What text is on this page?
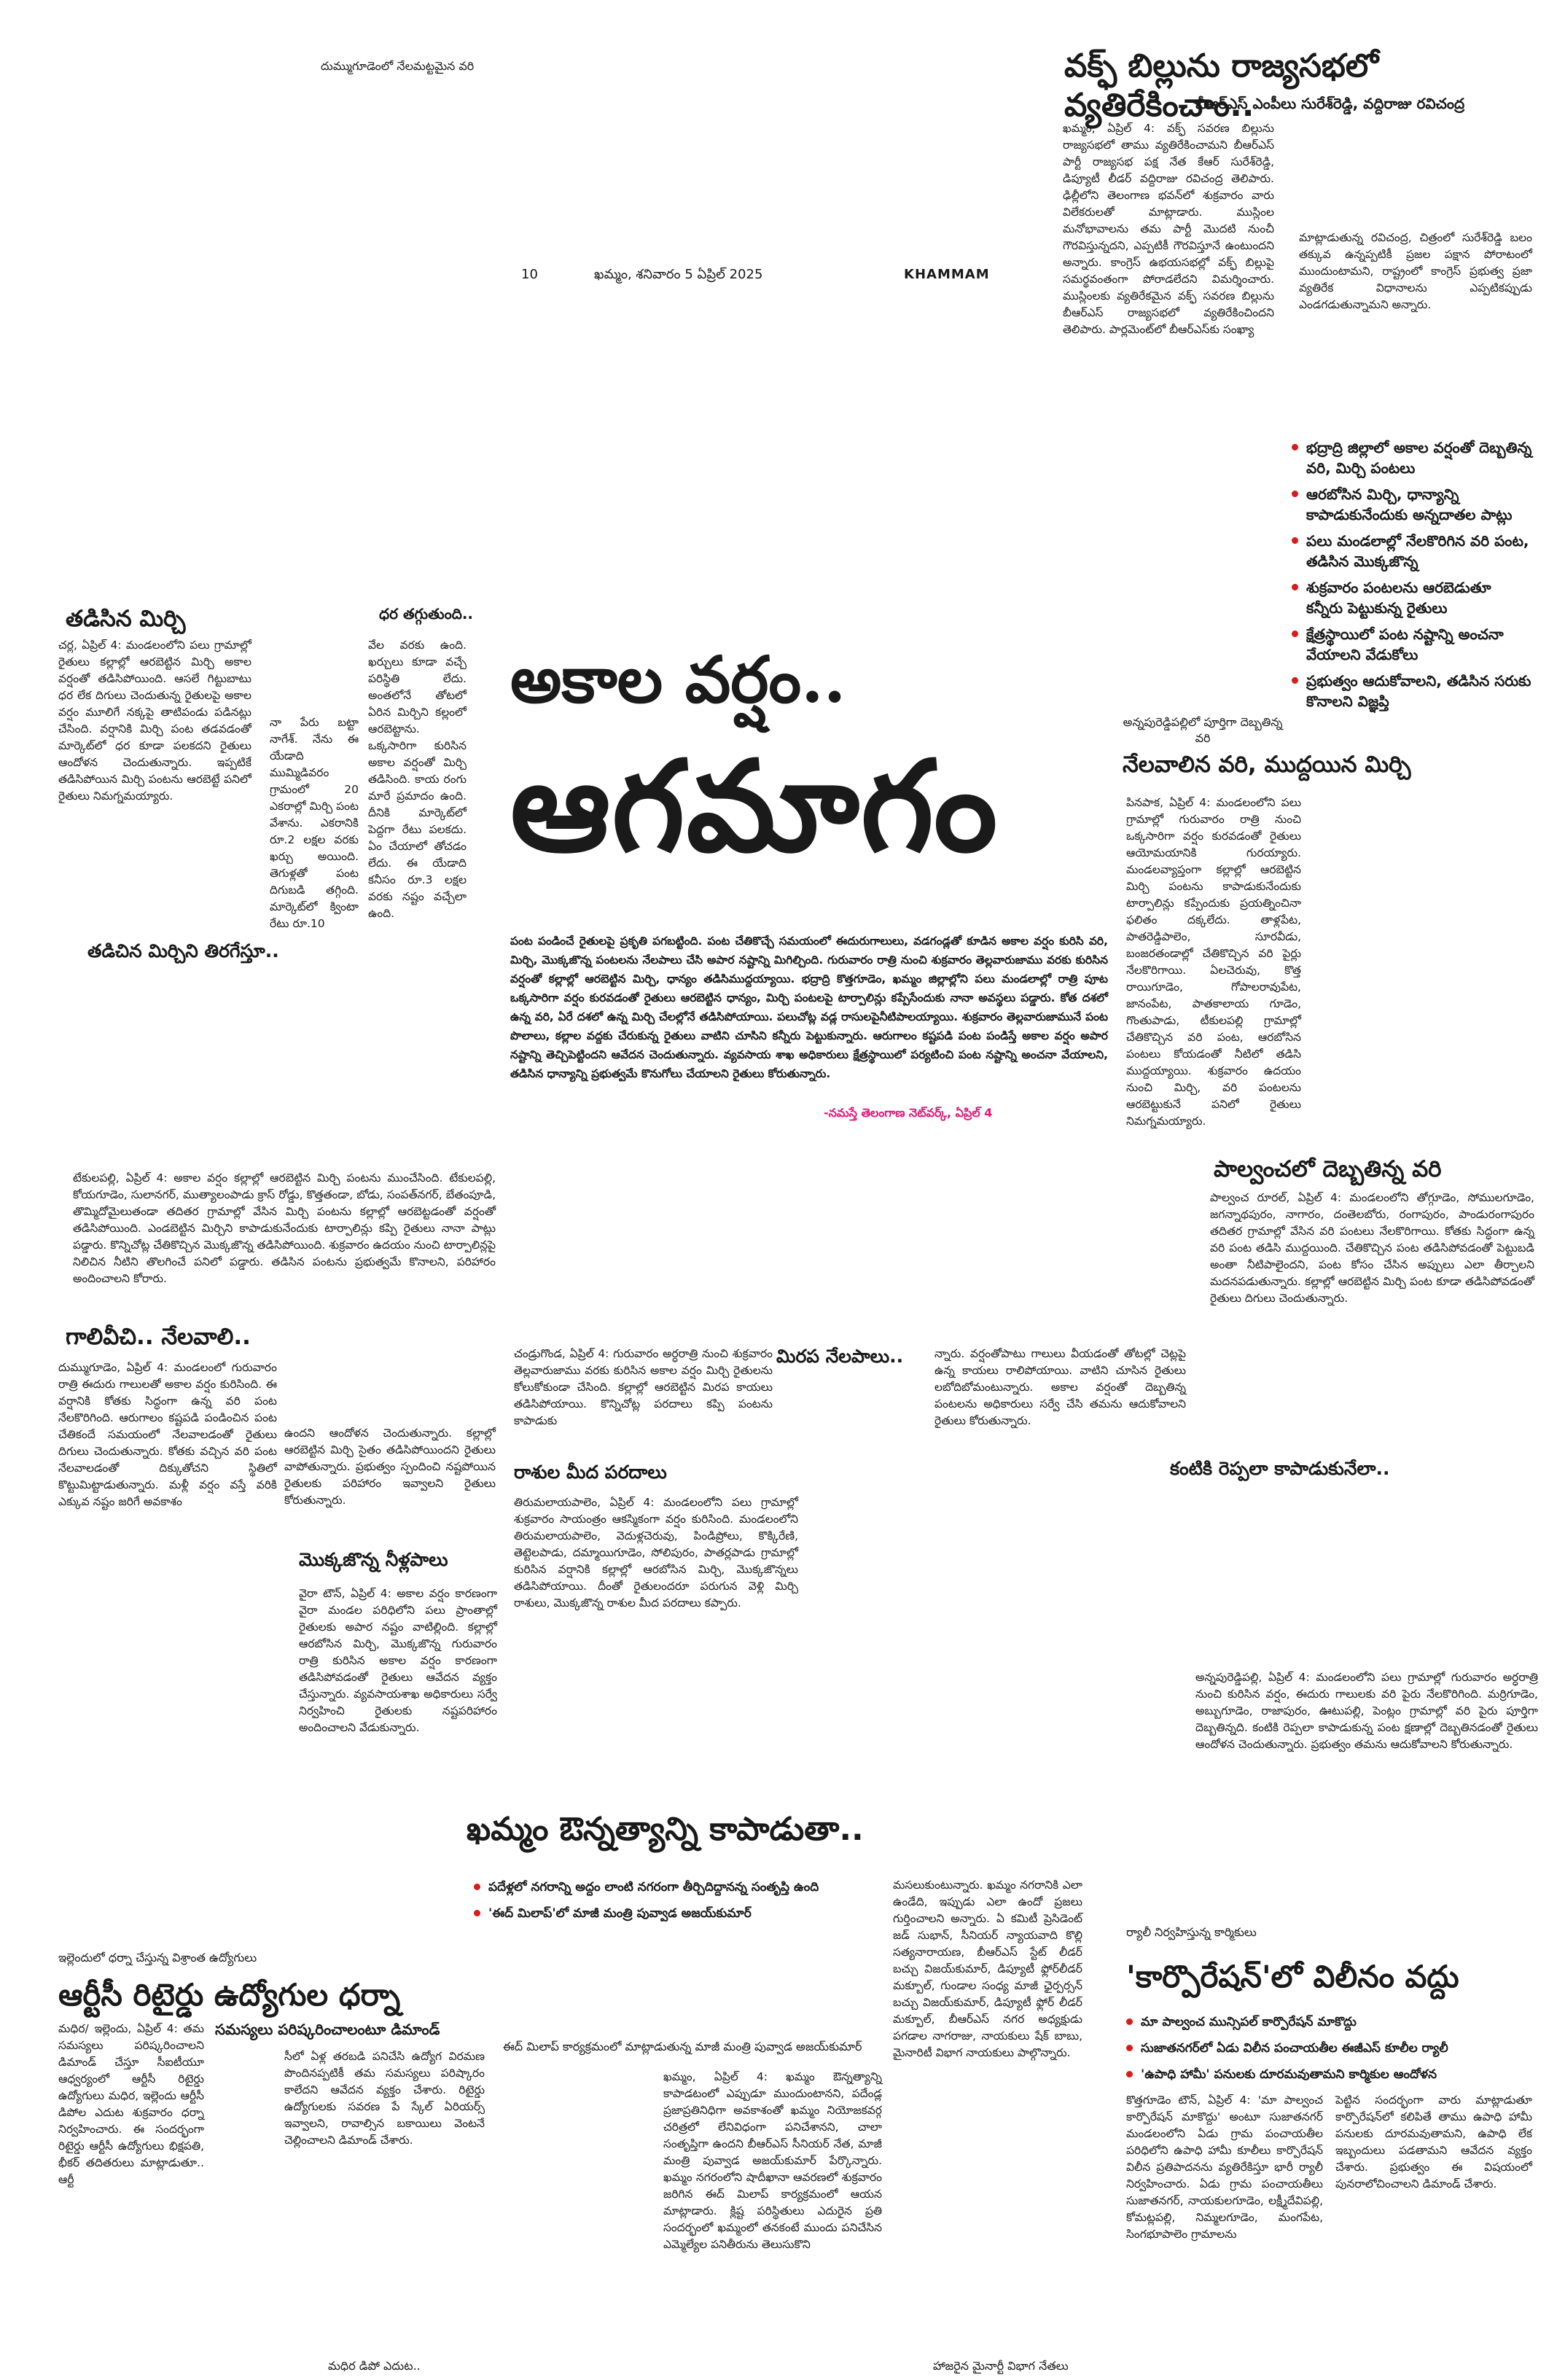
10	ఖమ్మం, శనివారం 5 ఏప్రిల్ 2025	KHAMMAM
దుమ్ముగూడెంలో నేలమట్టమైన వరి	వక్ఫ్ బిల్లును రాజ్యసభలో వ్యతిరేకించాం..
బీఆర్ఎస్ ఎంపీలు సురేశ్‌రెడ్డి, వద్దిరాజు రవిచంద్ర
ఖమ్మం, ఏప్రిల్ 4: వక్ఫ్ సవరణ బిల్లును రాజ్యసభలో తాము వ్యతిరేకించామని బీఆర్ఎస్ పార్టీ రాజ్యసభ పక్ష నేత కేఆర్ సురేశ్‌రెడ్డి, డిప్యూటీ లీడర్ వద్దిరాజు రవిచంద్ర తెలిపారు. ఢిల్లీలోని తెలంగాణ భవన్‌లో శుక్రవారం వారు విలేకరులతో మాట్లాడారు. ముస్లింల మనోభావాలను తమ పార్టీ మొదటి నుంచీ గౌరవిస్తున్నదని, ఎప్పటికీ గౌరవిస్తూనే ఉంటుందని అన్నారు. కాంగ్రెస్ ఉభయసభల్లో వక్ఫ్ బిల్లుపై సమర్థవంతంగా పోరాడలేదని విమర్శించారు. ముస్లింలకు వ్యతిరేకమైన వక్ఫ్ సవరణ బిల్లును బీఆర్ఎస్ రాజ్యసభలో వ్యతిరేకించిందని తెలిపారు. పార్లమెంట్‌లో బీఆర్ఎస్‌కు సంఖ్యా
మాట్లాడుతున్న రవిచంద్ర, చిత్రంలో సురేశ్‌రెడ్డి బలం తక్కువ ఉన్నప్పటికీ ప్రజల పక్షాన పోరాటంలో ముందుంటామని, రాష్ట్రంలో కాంగ్రెస్ ప్రభుత్వ ప్రజా వ్యతిరేక విధానాలను ఎప్పటికప్పుడు ఎండగడుతున్నామని అన్నారు.
అకాల వర్షం..
ఆగమాగం
పంట పండించే రైతులపై ప్రకృతి పగబట్టింది. పంట చేతికొచ్చే సమయంలో ఈదురుగాలులు, వడగండ్లతో కూడిన అకాల వర్షం కురిసి వరి, మిర్చి, మొక్కజొన్న పంటలను నేలపాలు చేసి అపార నష్టాన్ని మిగిల్చింది. గురువారం రాత్రి నుంచి శుక్రవారం తెల్లవారుజాము వరకు కురిసిన వర్షంతో కల్లాల్లో ఆరబెట్టిన మిర్చి, ధాన్యం తడిసిముద్దయ్యాయి. భద్రాద్రి కొత్తగూడెం, ఖమ్మం జిల్లాల్లోని పలు మండలాల్లో రాత్రి పూట ఒక్కసారిగా వర్షం కురవడంతో రైతులు ఆరబెట్టిన ధాన్యం, మిర్చి పంటలపై టార్పాలిన్లు కప్పేసేందుకు నానా అవస్థలు పడ్డారు. కోత దశలో ఉన్న వరి, ఏరే దశలో ఉన్న మిర్చి చేలల్లోనే తడిసిపోయాయి. పలుచోట్ల వడ్ల రాసులపైనీటిపాలయ్యాయి. శుక్రవారం తెల్లవారుజామునే పంట పొలాలు, కల్లాల వద్దకు చేరుకున్న రైతులు వాటిని చూసిని కన్నీరు పెట్టుకున్నారు. ఆరుగాలం కష్టపడి పంట పండిస్తే అకాల వర్షం అపార నష్టాన్ని తెచ్చిపెట్టిందని ఆవేదన చెందుతున్నారు. వ్యవసాయ శాఖ అధికారులు క్షేత్రస్థాయిలో పర్యటించి పంట నష్టాన్ని అంచనా వేయాలని, తడిసిన ధాన్యాన్ని ప్రభుత్వమే కొనుగోలు చేయాలని రైతులు కోరుతున్నారు.
-నమస్తే తెలంగాణ నెట్‌వర్క్, ఏప్రిల్ 4
భద్రాద్రి జిల్లాలో అకాల వర్షంతో దెబ్బతిన్న వరి, మిర్చి పంటలు
ఆరబోసిన మిర్చి, ధాన్యాన్ని కాపాడుకునేందుకు అన్నదాతల పాట్లు
పలు మండలాల్లో నేలకొరిగిన వరి పంట, తడిసిన మొక్కజొన్న
శుక్రవారం పంటలను ఆరబెడుతూ కన్నీరు పెట్టుకున్న రైతులు
క్షేత్రస్థాయిలో పంట నష్టాన్ని అంచనా వేయాలని వేడుకోలు
ప్రభుత్వం ఆదుకోవాలని, తడిసిన సరుకు కొనాలని విజ్ఞప్తి
అన్నపురెడ్డిపల్లిలో పూర్తిగా దెబ్బతిన్న వరి
తడిసిన మిర్చి
చర్ల, ఏప్రిల్ 4: మండలంలోని పలు గ్రామాల్లో రైతులు కల్లాల్లో ఆరబెట్టిన మిర్చి అకాల వర్షంతో తడిసిపోయింది. ఆసలే గిట్టుబాటు ధర లేక దిగులు చెందుతున్న రైతులపై అకాల వర్షం మూలిగే నక్కపై తాటిపండు పడినట్లు చేసింది. వర్షానికి మిర్చి పంట తడవడంతో మార్కెట్‌లో ధర కూడా పలకదని రైతులు ఆందోళన చెందుతున్నారు. ఇప్పటికే తడిసిపోయిన మిర్చి పంటను ఆరబెట్టే పనిలో రైతులు నిమగ్నమయ్యారు.
ధర తగ్గుతుంది..
నా పేరు బట్టా నాగేశ్. నేను ఈ యేడాది ముమ్మిడివరం గ్రామంలో 20 ఎకరాల్లో మిర్చి పంట వేశాను. ఎకరానికి రూ.2 లక్షల వరకు ఖర్చు అయింది. తెగుళ్లతో పంట దిగుబడి తగ్గింది. మార్కెట్‌లో క్వింటా రేటు రూ.10
వేల వరకు ఉంది. ఖర్చులు కూడా వచ్చే పరిస్థితి లేదు. అంతలోనే తోటలో ఏరిన మిర్చిని కల్లంలో ఆరబెట్టాను. ఒక్కసారిగా కురిసిన అకాల వర్షంతో మిర్చి తడిసింది. కాయ రంగు మారే ప్రమాదం ఉంది. దీనికి మార్కెట్‌లో పెద్దగా రేటు పలకదు. ఏం చేయాలో తోచడం లేదు. ఈ యేడాది కనీసం రూ.3 లక్షల వరకు నష్టం వచ్చేలా ఉంది.
తడిచిన మిర్చిని తిరగేస్తూ..
టేకులపల్లి, ఏప్రిల్ 4: అకాల వర్షం కల్లాల్లో ఆరబెట్టిన మిర్చి పంటను ముంచేసింది. టేకులపల్లి, కోయగూడెం, సులానగర్, ముత్యాలంపాడు క్రాస్ రోడ్డు, కొత్తతండా, బోడు, సంపత్‌నగర్, బేతంపూడి, తొమ్మిదోమైలుతండా తదితర గ్రామాల్లో వేసిన మిర్చి పంటను కల్లాల్లో ఆరబెట్టడంతో వర్షంతో తడిసిపోయింది. ఎండబెట్టిన మిర్చిని కాపాడుకునేందుకు టార్పాలిన్లు కప్పి రైతులు నానా పాట్లు పడ్డారు. కొన్నిచోట్ల చేతికొచ్చిన మొక్కజొన్న తడిసిపోయింది. శుక్రవారం ఉదయం నుంచి టార్పాలిన్లపై నిలిచిన నీటిని తొలగించే పనిలో పడ్డారు. తడిసిన పంటను ప్రభుత్వమే కొనాలని, పరిహారం అందించాలని కోరారు.
గాలివీచి.. నేలవాలి..
దుమ్ముగూడెం, ఏప్రిల్ 4: మండలంలో గురువారం రాత్రి ఈదురు గాలులతో అకాల వర్షం కురిసింది. ఈ వర్షానికి కోతకు సిద్ధంగా ఉన్న వరి పంట నేలకొరిగింది. ఆరుగాలం కష్టపడి పండించిన పంట చేతికందే సమయంలో నేలవాలడంతో రైతులు దిగులు చెందుతున్నారు. కోతకు వచ్చిన వరి పంట నేలవాలడంతో దిక్కుతోచని స్థితిలో కొట్టుమిట్టాడుతున్నారు. మళ్లీ వర్షం వస్తే వరికి ఎక్కువ నష్టం జరిగే అవకాశం
ఉందని ఆందోళన చెందుతున్నారు. కల్లాల్లో ఆరబెట్టిన మిర్చి సైతం తడిసిపోయిందని రైతులు వాపోతున్నారు. ప్రభుత్వం స్పందించి నష్టపోయిన రైతులకు పరిహారం ఇవ్వాలని రైతులు కోరుతున్నారు.
మొక్కజొన్న నీళ్లపాలు
వైరా టౌన్, ఏప్రిల్ 4: అకాల వర్షం కారణంగా వైరా మండల పరిధిలోని పలు ప్రాంతాల్లో రైతులకు అపార నష్టం వాటిల్లింది. కల్లాల్లో ఆరబోసిన మిర్చి, మొక్కజొన్న గురువారం రాత్రి కురిసిన అకాల వర్షం కారణంగా తడిసిపోవడంతో రైతులు ఆవేదన వ్యక్తం చేస్తున్నారు. వ్యవసాయశాఖ అధికారులు సర్వే నిర్వహించి రైతులకు నష్టపరిహారం అందించాలని వేడుకున్నారు.
మిరప నేలపాలు..
చండ్రుగొండ, ఏప్రిల్ 4: గురువారం అర్ధరాత్రి నుంచి శుక్రవారం తెల్లవారుజాము వరకు కురిసిన అకాల వర్షం మిర్చి రైతులను కోలుకోకుండా చేసింది. కల్లాల్లో ఆరబెట్టిన మిరప కాయలు తడిసిపోయాయి. కొన్నిచోట్ల పరదాలు కప్పి పంటను కాపాడుకు
న్నారు. వర్షంతోపాటు గాలులు వీయడంతో తోటల్లో చెట్లపై ఉన్న కాయలు రాలిపోయాయి. వాటిని చూసిన రైతులు లబోదిబోమంటున్నారు. అకాల వర్షంతో దెబ్బతిన్న పంటలను అధికారులు సర్వే చేసి తమను ఆదుకోవాలని రైతులు కోరుతున్నారు.
రాశుల మీద పరదాలు
తిరుమలాయపాలెం, ఏప్రిల్ 4: మండలంలోని పలు గ్రామాల్లో శుక్రవారం సాయంత్రం ఆకస్మికంగా వర్షం కురిసింది. మండలంలోని తిరుమలాయపాలెం, వెదుళ్లచెరువు, పిండిప్రోలు, కొక్కిరేణి, తెట్టెలపాడు, దమ్మాయిగూడెం, సోలిపురం, పాతర్లపాడు గ్రామాల్లో కురిసిన వర్షానికి కల్లాల్లో ఆరబోసిన మిర్చి, మొక్కజొన్నలు తడిసిపోయాయి. దీంతో రైతులందరూ పరుగున వెళ్లి మిర్చి రాశులు, మొక్కజొన్న రాశుల మీద పరదాలు కప్పారు.
నేలవాలిన వరి, ముద్దయిన మిర్చి
పినపాక, ఏప్రిల్ 4: మండలంలోని పలు గ్రామాల్లో గురువారం రాత్రి నుంచి ఒక్కసారిగా వర్షం కురవడంతో రైతులు ఆయోమయానికి గురయ్యారు. మండలవ్యాప్తంగా కల్లాల్లో ఆరబెట్టిన మిర్చి పంటను కాపాడుకునేందుకు టార్పాలిన్లు కప్పేందుకు ప్రయత్నించినా ఫలితం దక్కలేదు. తాళ్లపేట, పాతరెడ్డిపాలెం, సూరవీడు, బంజరతండాల్లో చేతికొచ్చిన వరి పైర్లు నేలకొరిగాయి. ఏలచెరువు, కొత్త రాయిగూడెం, గోపాలరావుపేట, జానంపేట, పాతకాలాయ గూడెం, గొంతుపాడు, టీకులపల్లి గ్రామాల్లో చేతికొచ్చిన వరి పంట, ఆరబోసిన పంటలు కోయడంతో నీటిలో తడిసి ముద్దయ్యాయి. శుక్రవారం ఉదయం నుంచి మిర్చి, వరి పంటలను ఆరబెట్టుకునే పనిలో రైతులు నిమగ్నమయ్యారు.
పాల్వంచలో దెబ్బతిన్న వరి
పాల్వంచ రూరల్, ఏప్రిల్ 4: మండలంలోని తోగ్గూడెం, సోములగూడెం, జగన్నాథపురం, నాగారం, దంతెలబోరు, రంగాపురం, పాండురంగాపురం తదితర గ్రామాల్లో వేసిన వరి పంటలు నేలకొరిగాయి. కోతకు సిద్ధంగా ఉన్న వరి పంట తడిసి ముద్దయింది. చేతికొచ్చిన పంట తడిసిపోవడంతో పెట్టుబడి అంతా నీటిపాలైందని, పంట కోసం చేసిన అప్పులు ఎలా తీర్చాలని మదనపడుతున్నారు. కల్లాల్లో ఆరబెట్టిన మిర్చి పంట కూడా తడిసిపోవడంతో రైతులు దిగులు చెందుతున్నారు.
కంటికి రెప్పలా కాపాడుకునేలా..
అన్నపురెడ్డిపల్లి, ఏప్రిల్ 4: మండలంలోని పలు గ్రామాల్లో గురువారం అర్ధరాత్రి నుంచి కురిసిన వర్షం, ఈదురు గాలులకు వరి పైరు నేలకొరిగింది. మర్రిగూడెం, అబ్బుగూడెం, రాజాపురం, ఊటుపల్లి, పెంట్లం గ్రామాల్లో వరి పైరు పూర్తిగా దెబ్బతిన్నది. కంటికి రెప్పలా కాపాడుకున్న పంట క్షణాల్లో దెబ్బతినడంతో రైతులు ఆందోళన చెందుతున్నారు. ప్రభుత్వం తమను ఆదుకోవాలని కోరుతున్నారు.
ఖమ్మం ఔన్నత్యాన్ని కాపాడుతా..
పదేళ్లలో నగరాన్ని అద్దం లాంటి నగరంగా తీర్చిదిద్దానన్న సంతృప్తి ఉంది
'ఈద్ మిలాప్'లో మాజీ మంత్రి పువ్వాడ అజయ్‌కుమార్
ఈద్ మిలాప్ కార్యక్రమంలో మాట్లాడుతున్న మాజీ మంత్రి పువ్వాడ అజయ్‌కుమార్
ఖమ్మం, ఏప్రిల్ 4: ఖమ్మం ఔన్నత్యాన్ని కాపాడటంలో ఎప్పుడూ ముందుంటానని, పదేండ్ల ప్రజాప్రతినిధిగా అవకాశంతో ఖమ్మం నియోజకవర్గ చరిత్రలో లేనివిధంగా పనిచేశానని, చాలా సంతృప్తిగా ఉందని బీఆర్ఎస్ సీనియర్ నేత, మాజీ మంత్రి పువ్వాడ అజయ్‌కుమార్ పేర్కొన్నారు. ఖమ్మం నగరంలోని షాదీఖానా ఆవరణలో శుక్రవారం జరిగిన ఈద్ మిలాప్ కార్యక్రమంలో ఆయన మాట్లాడారు. క్లిష్ట పరిస్థితులు ఎదురైన ప్రతి సందర్భంలో ఖమ్మంలో తనకంటే ముందు పనిచేసిన ఎమ్మెల్యేల పనితీరును తెలుసుకొని
మసలుకుంటున్నారు. ఖమ్మం నగరానికి ఎలా ఉండేది, ఇప్పుడు ఎలా ఉందో ప్రజలు గుర్తించాలని అన్నారు. ఏ కమిటీ ప్రెసిడెంట్ జడ్ సుభాన్, సీనియర్ న్యాయవాది కొల్లి సత్యనారాయణ, బీఆర్ఎస్ స్టేట్ లీడర్ బచ్చు విజయ్‌కుమార్, డిప్యూటీ ఫ్లోర్‌లీడర్ మక్బూల్, గుండాల సంధ్య మాజీ ఛైర్పర్సన్ బచ్చు విజయ్‌కుమార్, డిప్యూటీ ఫ్లోర్ లీడర్ మక్బూల్, బీఆర్ఎస్ నగర అధ్యక్షుడు పగడాల నాగరాజు, నాయకులు షేక్ బాబు, మైనారిటీ విభాగ నాయకులు పాల్గొన్నారు.
ఇల్లెందులో ధర్నా చేస్తున్న విశ్రాంత ఉద్యోగులు
ఆర్టీసీ రిటైర్డు ఉద్యోగుల ధర్నా
సమస్యలు పరిష్కరించాలంటూ డిమాండ్
మధిర/ ఇల్లెందు, ఏప్రిల్ 4: తమ సమస్యలు పరిష్కరించాలని డిమాండ్ చేస్తూ సీఐటీయూ ఆధ్వర్యంలో ఆర్టీసీ రిటైర్డు ఉద్యోగులు మధిర, ఇల్లెందు ఆర్టీసీ డిపోల ఎదుట శుక్రవారం ధర్నా నిర్వహించారు. ఈ సందర్భంగా రిటైర్డు ఆర్టీసీ ఉద్యోగులు భిక్షపతి, భీకర్ తదితరులు మాట్లాడుతూ.. ఆర్టీ
సీలో ఏళ్ల తరబడి పనిచేసి ఉద్యోగ విరమణ పొందినప్పటికీ తమ సమస్యలు పరిష్కారం కాలేదని ఆవేదన వ్యక్తం చేశారు. రిటైర్డు ఉద్యోగులకు సవరణ పే స్కేల్ ఏరియర్స్ ఇవ్వాలని, రావాల్సిన బకాయిలు వెంటనే చెల్లించాలని డిమాండ్ చేశారు.
మధిర డిపో ఎదుట..
ర్యాలీ నిర్వహిస్తున్న కార్మికులు
'కార్పొరేషన్'లో విలీనం వద్దు
మా పాల్వంచ మున్సిపల్ కార్పొరేషన్ మాకొద్దు
సుజాతనగర్‌లో ఏడు విలీన పంచాయతీల ఈజీఎస్ కూలీల ర్యాలీ
'ఉపాధి హామీ' పనులకు దూరమవుతామని కార్మికుల ఆందోళన
కొత్తగూడెం టౌన్, ఏప్రిల్ 4: 'మా పాల్వంచ కార్పొరేషన్ మాకొద్దు' అంటూ సుజాతనగర్ మండలంలోని ఏడు గ్రామ పంచాయతీల పరిధిలోని ఉపాధి హామీ కూలీలు కార్పొరేషన్ విలీన ప్రతిపాదనను వ్యతిరేకిస్తూ భారీ ర్యాలీ నిర్వహించారు. ఏడు గ్రామ పంచాయతీలు సుజాతనగర్, నాయకులగూడెం, లక్ష్మీదేవిపల్లి, కోమట్లపల్లి, నిమ్మలగూడెం, మంగపేట, సింగభూపాలెం గ్రామాలను
పెట్టిన సందర్భంగా వారు మాట్లాడుతూ కార్పొరేషన్‌లో కలిపితే తాము ఉపాధి హామీ పనులకు దూరమవుతామని, ఉపాధి లేక ఇబ్బందులు పడతామని ఆవేదన వ్యక్తం చేశారు. ప్రభుత్వం ఈ విషయంలో పునరాలోచించాలని డిమాండ్ చేశారు.
హాజరైన మైనార్టీ విభాగ నేతలు
